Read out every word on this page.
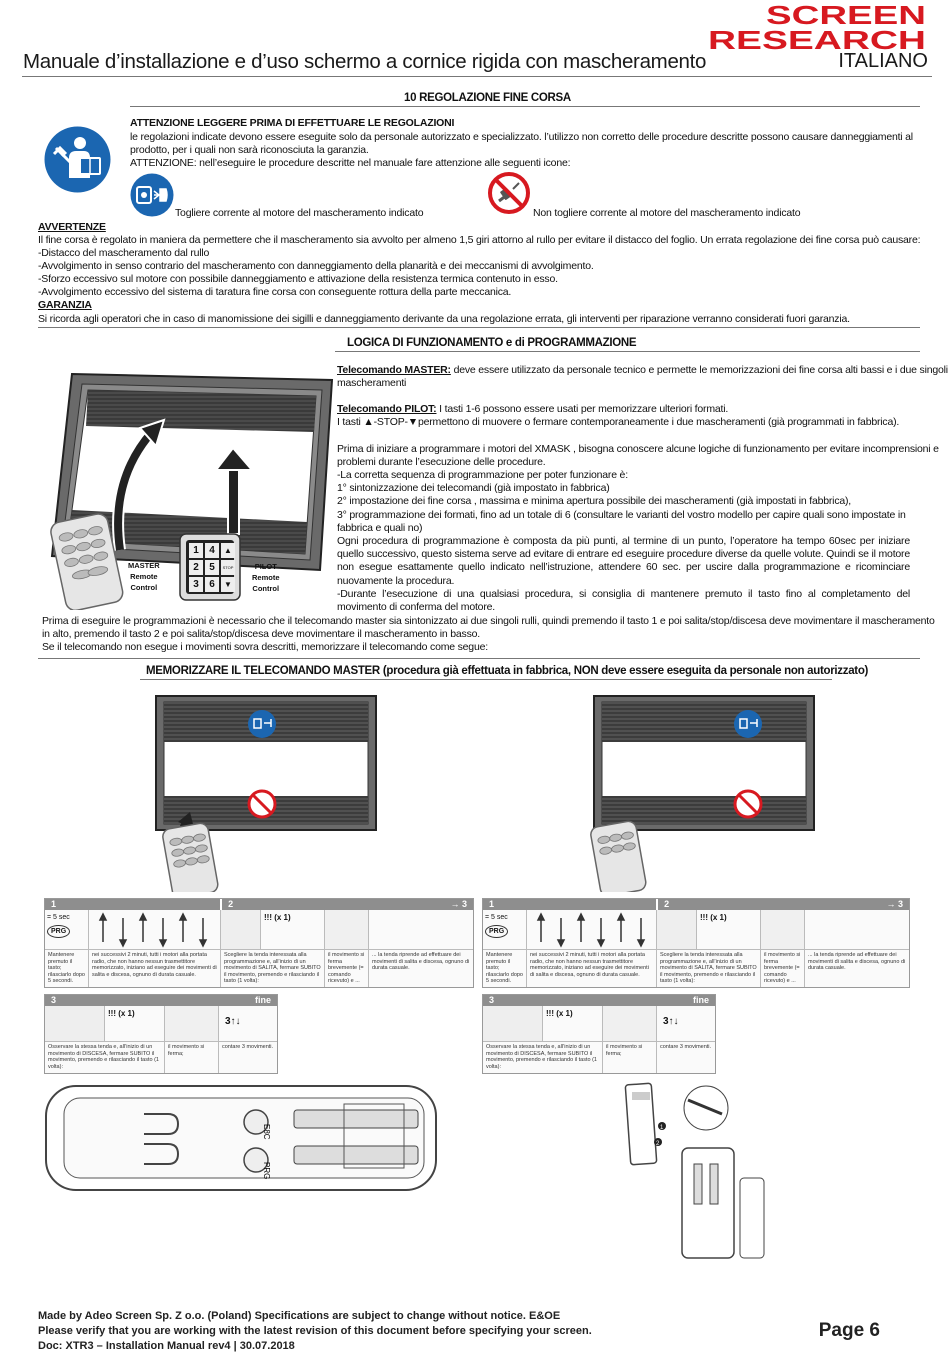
SCREEN
RESEARCH
Manuale d’installazione e d’uso schermo a cornice rigida con mascheramento	ITALIANO
10 REGOLAZIONE FINE CORSA
ATTENZIONE LEGGERE PRIMA DI EFFETTUARE LE REGOLAZIONI
le regolazioni indicate devono essere eseguite solo da personale autorizzato e specializzato. l’utilizzo non corretto delle procedure descritte possono causare danneggiamenti al
prodotto, per i quali non sarà riconosciuta la garanzia.
ATTENZIONE: nell’eseguire le procedure descritte nel manuale fare attenzione alle seguenti icone:
Togliere corrente al motore del mascheramento indicato	Non togliere corrente al motore del mascheramento indicato
AVVERTENZE
Il fine corsa è regolato in maniera da permettere che il mascheramento sia avvolto per almeno 1,5 giri attorno al rullo per evitare il distacco del foglio. Un errata regolazione dei fine corsa può causare:
-Distacco del mascheramento dal rullo
-Avvolgimento in senso contrario del mascheramento con danneggiamento della planarità e dei meccanismi di avvolgimento.
-Sforzo eccessivo sul motore con possibile danneggiamento e attivazione della resistenza termica contenuto in esso.
-Avvolgimento eccessivo del sistema di taratura fine corsa con conseguente rottura della parte meccanica.
GARANZIA
Si ricorda agli operatori che in caso di manomissione dei sigilli e danneggiamento derivante da una regolazione errata, gli interventi per riparazione verranno considerati fuori garanzia.
LOGICA DI FUNZIONAMENTO e di PROGRAMMAZIONE
1	4	▲
2	5	STOP
3	6	▼
MASTER
Remote
Control
PILOT
Remote
Control
Telecomando MASTER: deve essere utilizzato da personale tecnico e permette le memorizzazioni dei fine corsa alti bassi e i due singoli
mascheramenti
Telecomando PILOT: I tasti 1-6 possono essere usati per memorizzare ulteriori formati.
I tasti ▲-STOP-▼permettono di muovere o fermare contemporaneamente i due mascheramenti (già programmati in fabbrica).
Prima di iniziare a programmare i motori del XMASK , bisogna conoscere alcune logiche di funzionamento per evitare incomprensioni e
problemi durante l’esecuzione delle procedure.
-La corretta sequenza di programmazione per poter funzionare è:
1° sintonizzazione dei telecomandi (già impostato in fabbrica)
2° impostazione dei fine corsa , massima e minima apertura possibile dei mascheramenti (già impostati in fabbrica),
3° programmazione dei formati, fino ad un totale di 6 (consultare le varianti del vostro modello per capire quali sono impostate in
fabbrica e quali no)
Ogni procedura di programmazione è composta da più punti, al termine di un punto, l’operatore ha tempo 60sec per iniziare quello successivo, questo sistema serve ad evitare di entrare ed eseguire procedure diverse da quelle volute. Quindi se il motore non esegue esattamente quello indicato nell’istruzione, attendere 60 sec. per uscire dalla programmazione e ricominciare nuovamente la procedura.
-Durante l’esecuzione di una qualsiasi procedura, si consiglia di mantenere premuto il tasto fino al completamento del movimento di conferma del motore.
Prima di eseguire le programmazioni è necessario che il telecomando master sia sintonizzato ai due singoli rulli, quindi premendo il tasto 1 e poi salita/stop/discesa deve movimentare il mascheramento
in alto, premendo il tasto 2 e poi salita/stop/discesa deve movimentare il mascheramento in basso.
Se il telecomando non esegue i movimenti sovra descritti, memorizzare il telecomando come segue:
MEMORIZZARE IL TELECOMANDO MASTER (procedura già effettuata in fabbrica, NON deve essere eseguita da personale non autorizzato)
1	2	→ 3
= 5 sec
PRG
!!! (x 1)
Mantenere premuto il tasto; rilasciarlo dopo 5 secondi.
nei successivi 2 minuti, tutti i motori alla portata radio, che non hanno nessun trasmettitore memorizzato, iniziano ad eseguire dei movimenti di salita e discesa, ognuno di durata casuale.
Scegliere la tenda interessata alla programmazione e, all’inizio di un movimento di SALITA, fermare SUBITO il movimento, premendo e rilasciando il tasto (1 volta):
il movimento si ferma brevemente (= comando ricevuto) e ...
... la tenda riprende ad effettuare dei movimenti di salita e discesa, ognuno di durata casuale.
1	2	→ 3
= 5 sec
PRG
!!! (x 1)
Mantenere premuto il tasto; rilasciarlo dopo 5 secondi.
nei successivi 2 minuti, tutti i motori alla portata radio, che non hanno nessun trasmettitore memorizzato, iniziano ad eseguire dei movimenti di salita e discesa, ognuno di durata casuale.
Scegliere la tenda interessata alla programmazione e, all’inizio di un movimento di SALITA, fermare SUBITO il movimento, premendo e rilasciando il tasto (1 volta):
il movimento si ferma brevemente (= comando ricevuto) e ...
... la tenda riprende ad effettuare dei movimenti di salita e discesa, ognuno di durata casuale.
3	fine
!!! (x 1)
3↑↓
Osservare la stessa tenda e, all’inizio di un movimento di DISCESA, fermare SUBITO il movimento, premendo e rilasciando il tasto (1 volta):
il movimento si ferma;
contare 3 movimenti.
3	fine
!!! (x 1)
3↑↓
Osservare la stessa tenda e, all’inizio di un movimento di DISCESA, fermare SUBITO il movimento, premendo e rilasciando il tasto (1 volta):
il movimento si ferma;
contare 3 movimenti.
E8C
PRG
1
2
Made by Adeo Screen Sp. Z o.o. (Poland) Specifications are subject to change without notice. E&OE
Please verify that you are working with the latest revision of this document before specifying your screen.
Doc: XTR3 – Installation Manual rev4 | 30.07.2018
Page 6
